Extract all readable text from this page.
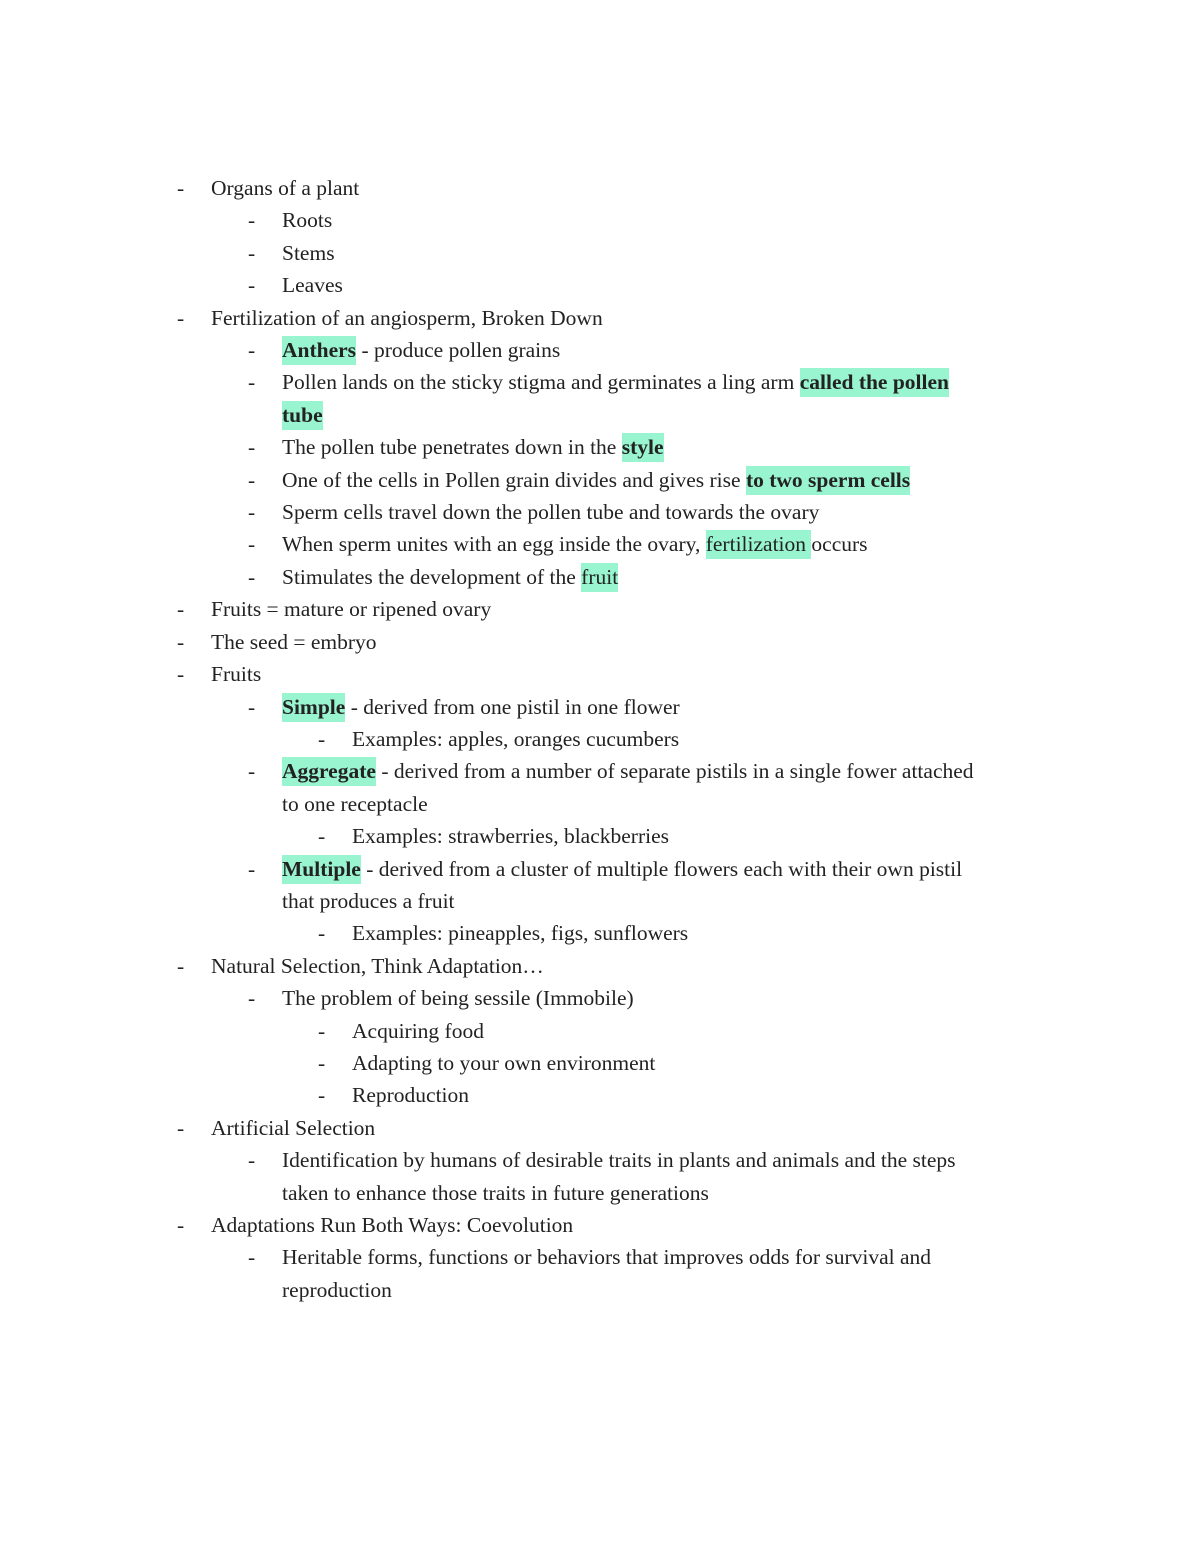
- Organs of a plant
- Roots
- Stems
- Leaves
- Fertilization of an angiosperm, Broken Down
- Anthers - produce pollen grains
- Pollen lands on the sticky stigma and germinates a ling arm called the pollen
tube
- The pollen tube penetrates down in the style
- One of the cells in Pollen grain divides and gives rise to two sperm cells
- Sperm cells travel down the pollen tube and towards the ovary
- When sperm unites with an egg inside the ovary, fertilization occurs
- Stimulates the development of the fruit
- Fruits = mature or ripened ovary
- The seed = embryo
- Fruits
- Simple - derived from one pistil in one flower
- Examples: apples, oranges cucumbers
- Aggregate - derived from a number of separate pistils in a single fower attached
to one receptacle
- Examples: strawberries, blackberries
- Multiple - derived from a cluster of multiple flowers each with their own pistil
that produces a fruit
- Examples: pineapples, figs, sunflowers
- Natural Selection, Think Adaptation…
- The problem of being sessile (Immobile)
- Acquiring food
- Adapting to your own environment
- Reproduction
- Artificial Selection
- Identification by humans of desirable traits in plants and animals and the steps
taken to enhance those traits in future generations
- Adaptations Run Both Ways: Coevolution
- Heritable forms, functions or behaviors that improves odds for survival and
reproduction
